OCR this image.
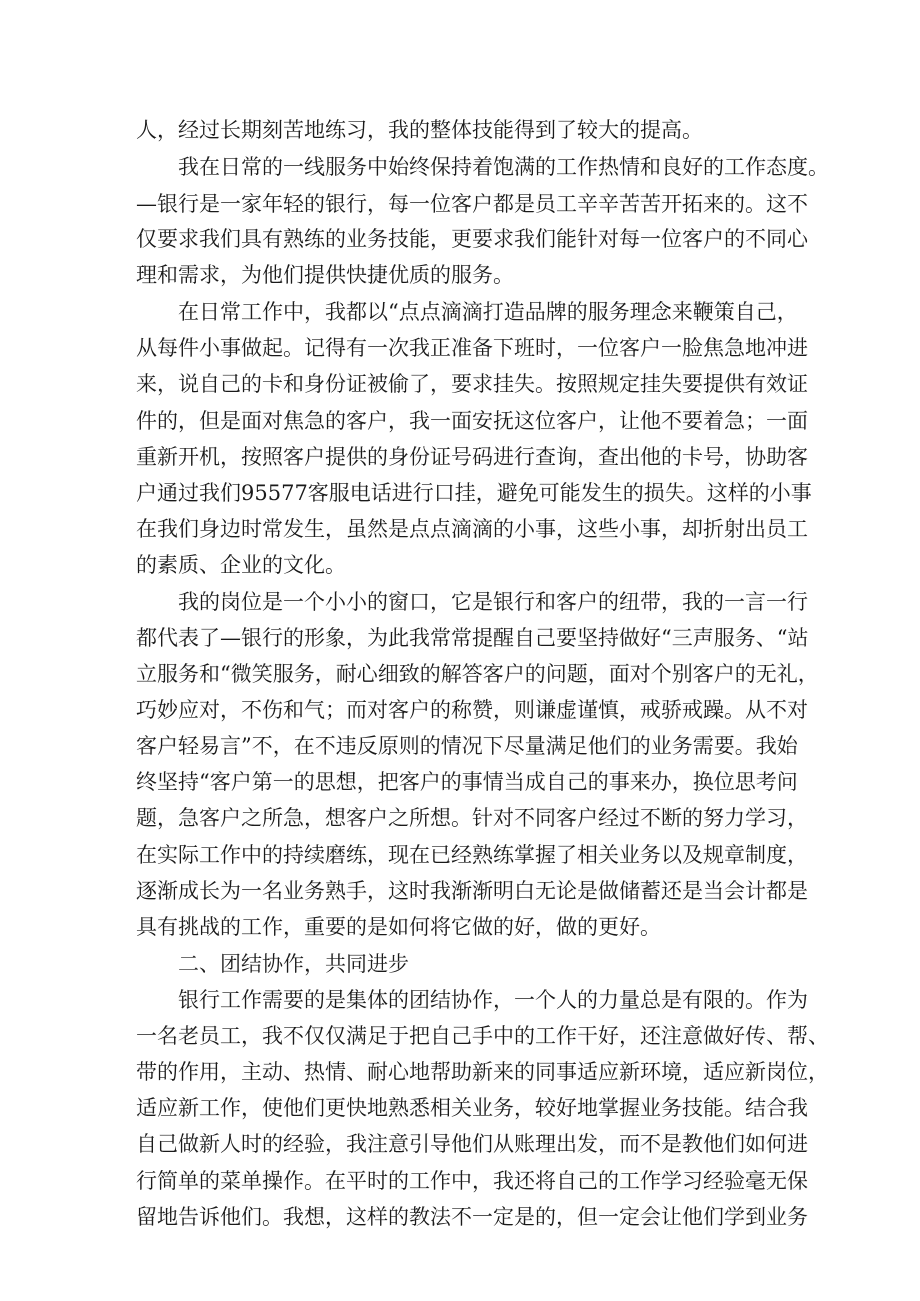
人，经过长期刻苦地练习，我的整体技能得到了较大的提高。
我在日常的一线服务中始终保持着饱满的工作热情和良好的工作态度。
—银行是一家年轻的银行，每一位客户都是员工辛辛苦苦开拓来的。这不
仅要求我们具有熟练的业务技能，更要求我们能针对每一位客户的不同心
理和需求，为他们提供快捷优质的服务。
在日常工作中，我都以“点点滴滴打造品牌的服务理念来鞭策自己，
从每件小事做起。记得有一次我正准备下班时，一位客户一脸焦急地冲进
来，说自己的卡和身份证被偷了，要求挂失。按照规定挂失要提供有效证
件的，但是面对焦急的客户，我一面安抚这位客户，让他不要着急；一面
重新开机，按照客户提供的身份证号码进行查询，查出他的卡号，协助客
户通过我们95577客服电话进行口挂，避免可能发生的损失。这样的小事
在我们身边时常发生，虽然是点点滴滴的小事，这些小事，却折射出员工
的素质、企业的文化。
我的岗位是一个小小的窗口，它是银行和客户的纽带，我的一言一行
都代表了—银行的形象，为此我常常提醒自己要坚持做好“三声服务、“站
立服务和“微笑服务，耐心细致的解答客户的问题，面对个别客户的无礼，
巧妙应对，不伤和气；而对客户的称赞，则谦虚谨慎，戒骄戒躁。从不对
客户轻易言”不，在不违反原则的情况下尽量满足他们的业务需要。我始
终坚持“客户第一的思想，把客户的事情当成自己的事来办，换位思考问
题，急客户之所急，想客户之所想。针对不同客户经过不断的努力学习，
在实际工作中的持续磨练，现在已经熟练掌握了相关业务以及规章制度，
逐渐成长为一名业务熟手，这时我渐渐明白无论是做储蓄还是当会计都是
具有挑战的工作，重要的是如何将它做的好，做的更好。
二、团结协作，共同进步
银行工作需要的是集体的团结协作，一个人的力量总是有限的。作为
一名老员工，我不仅仅满足于把自己手中的工作干好，还注意做好传、帮、
带的作用，主动、热情、耐心地帮助新来的同事适应新环境，适应新岗位，
适应新工作，使他们更快地熟悉相关业务，较好地掌握业务技能。结合我
自己做新人时的经验，我注意引导他们从账理出发，而不是教他们如何进
行简单的菜单操作。在平时的工作中，我还将自己的工作学习经验毫无保
留地告诉他们。我想，这样的教法不一定是的，但一定会让他们学到业务
